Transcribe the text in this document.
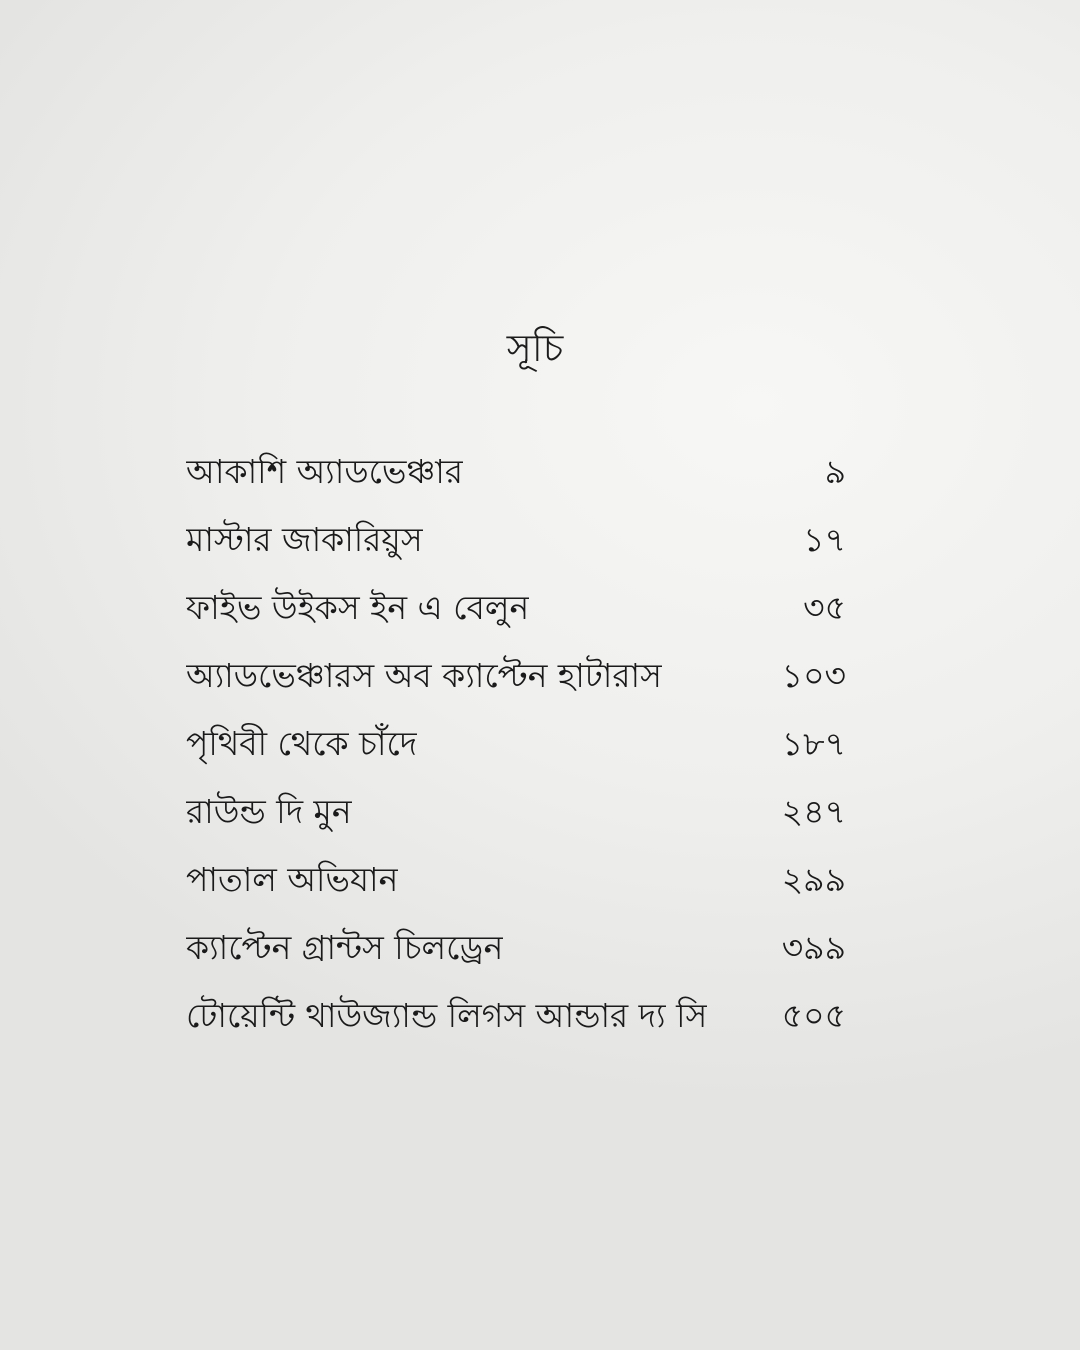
সূচি
আকাশি অ্যাডভেঞ্চার	৯
মাস্টার জাকারিয়ুস	১৭
ফাইভ উইকস ইন এ বেলুন	৩৫
অ্যাডভেঞ্চারস অব ক্যাপ্টেন হাটারাস	১০৩
পৃথিবী থেকে চাঁদে	১৮৭
রাউন্ড দি মুন	২৪৭
পাতাল অভিযান	২৯৯
ক্যাপ্টেন গ্রান্টস চিলড্রেন	৩৯৯
টোয়েন্টি থাউজ্যান্ড লিগস আন্ডার দ্য সি ৫০৫
